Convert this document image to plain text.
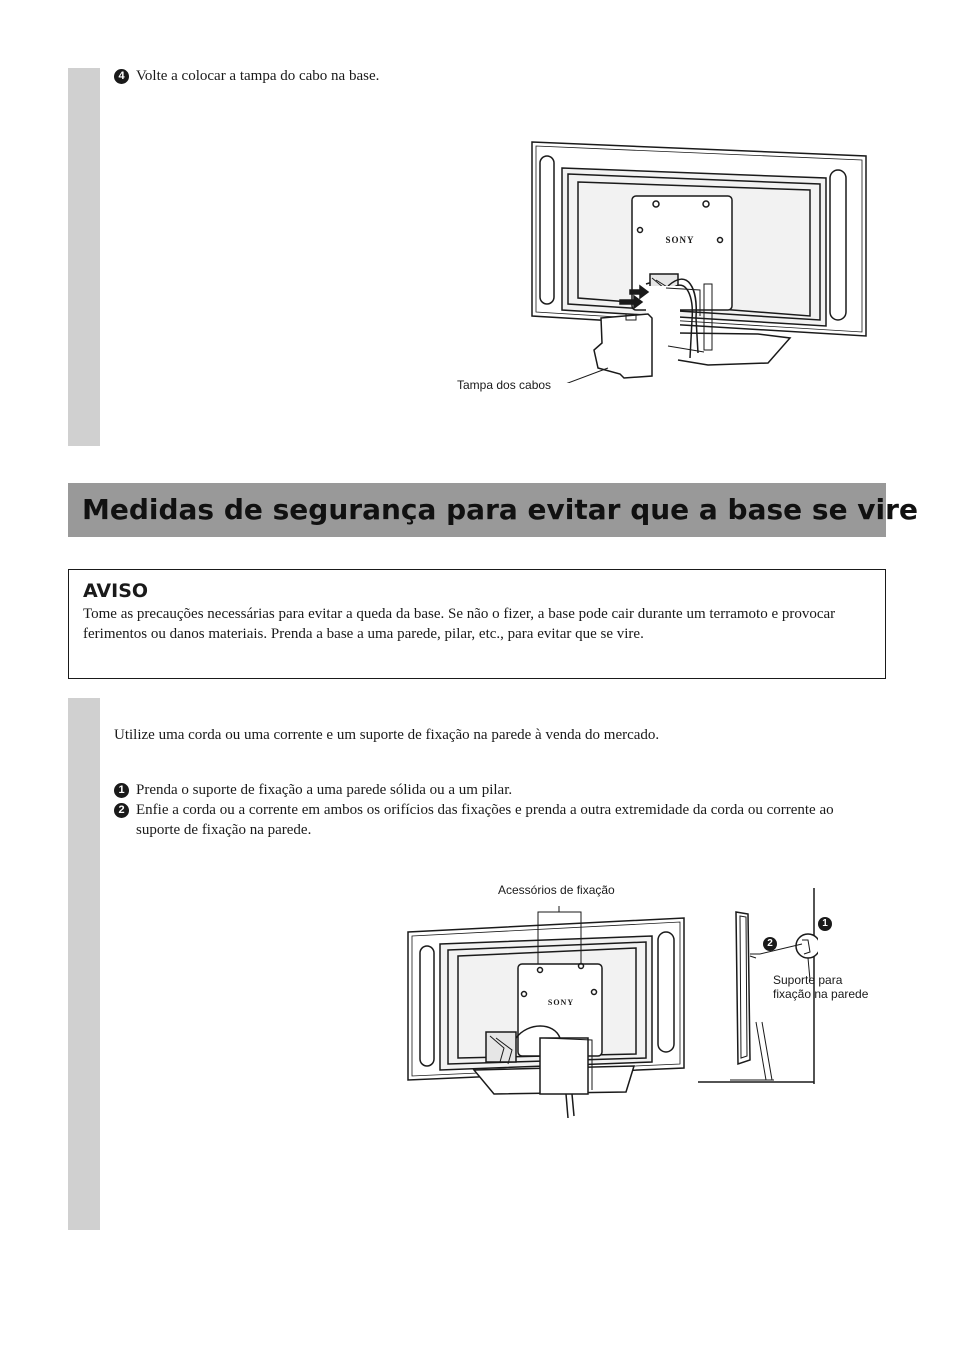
4 Volte a colocar a tampa do cabo na base.
SONY
Tampa dos cabos
Medidas de segurança para evitar que a base se vire
AVISO
Tome as precauções necessárias para evitar a queda da base. Se não o fizer, a base pode cair durante um terramoto e provocar ferimentos ou danos materiais. Prenda a base a uma parede, pilar, etc., para evitar que se vire.
Utilize uma corda ou uma corrente e um suporte de fixação na parede à venda do mercado.
1 Prenda o suporte de fixação a uma parede sólida ou a um pilar.
2 Enfie a corda ou a corrente em ambos os orifícios das fixações e prenda a outra extremidade da corda ou corrente ao suporte de fixação na parede.
Acessórios de fixação
SONY
1
2
Suporte para
fixação na parede
